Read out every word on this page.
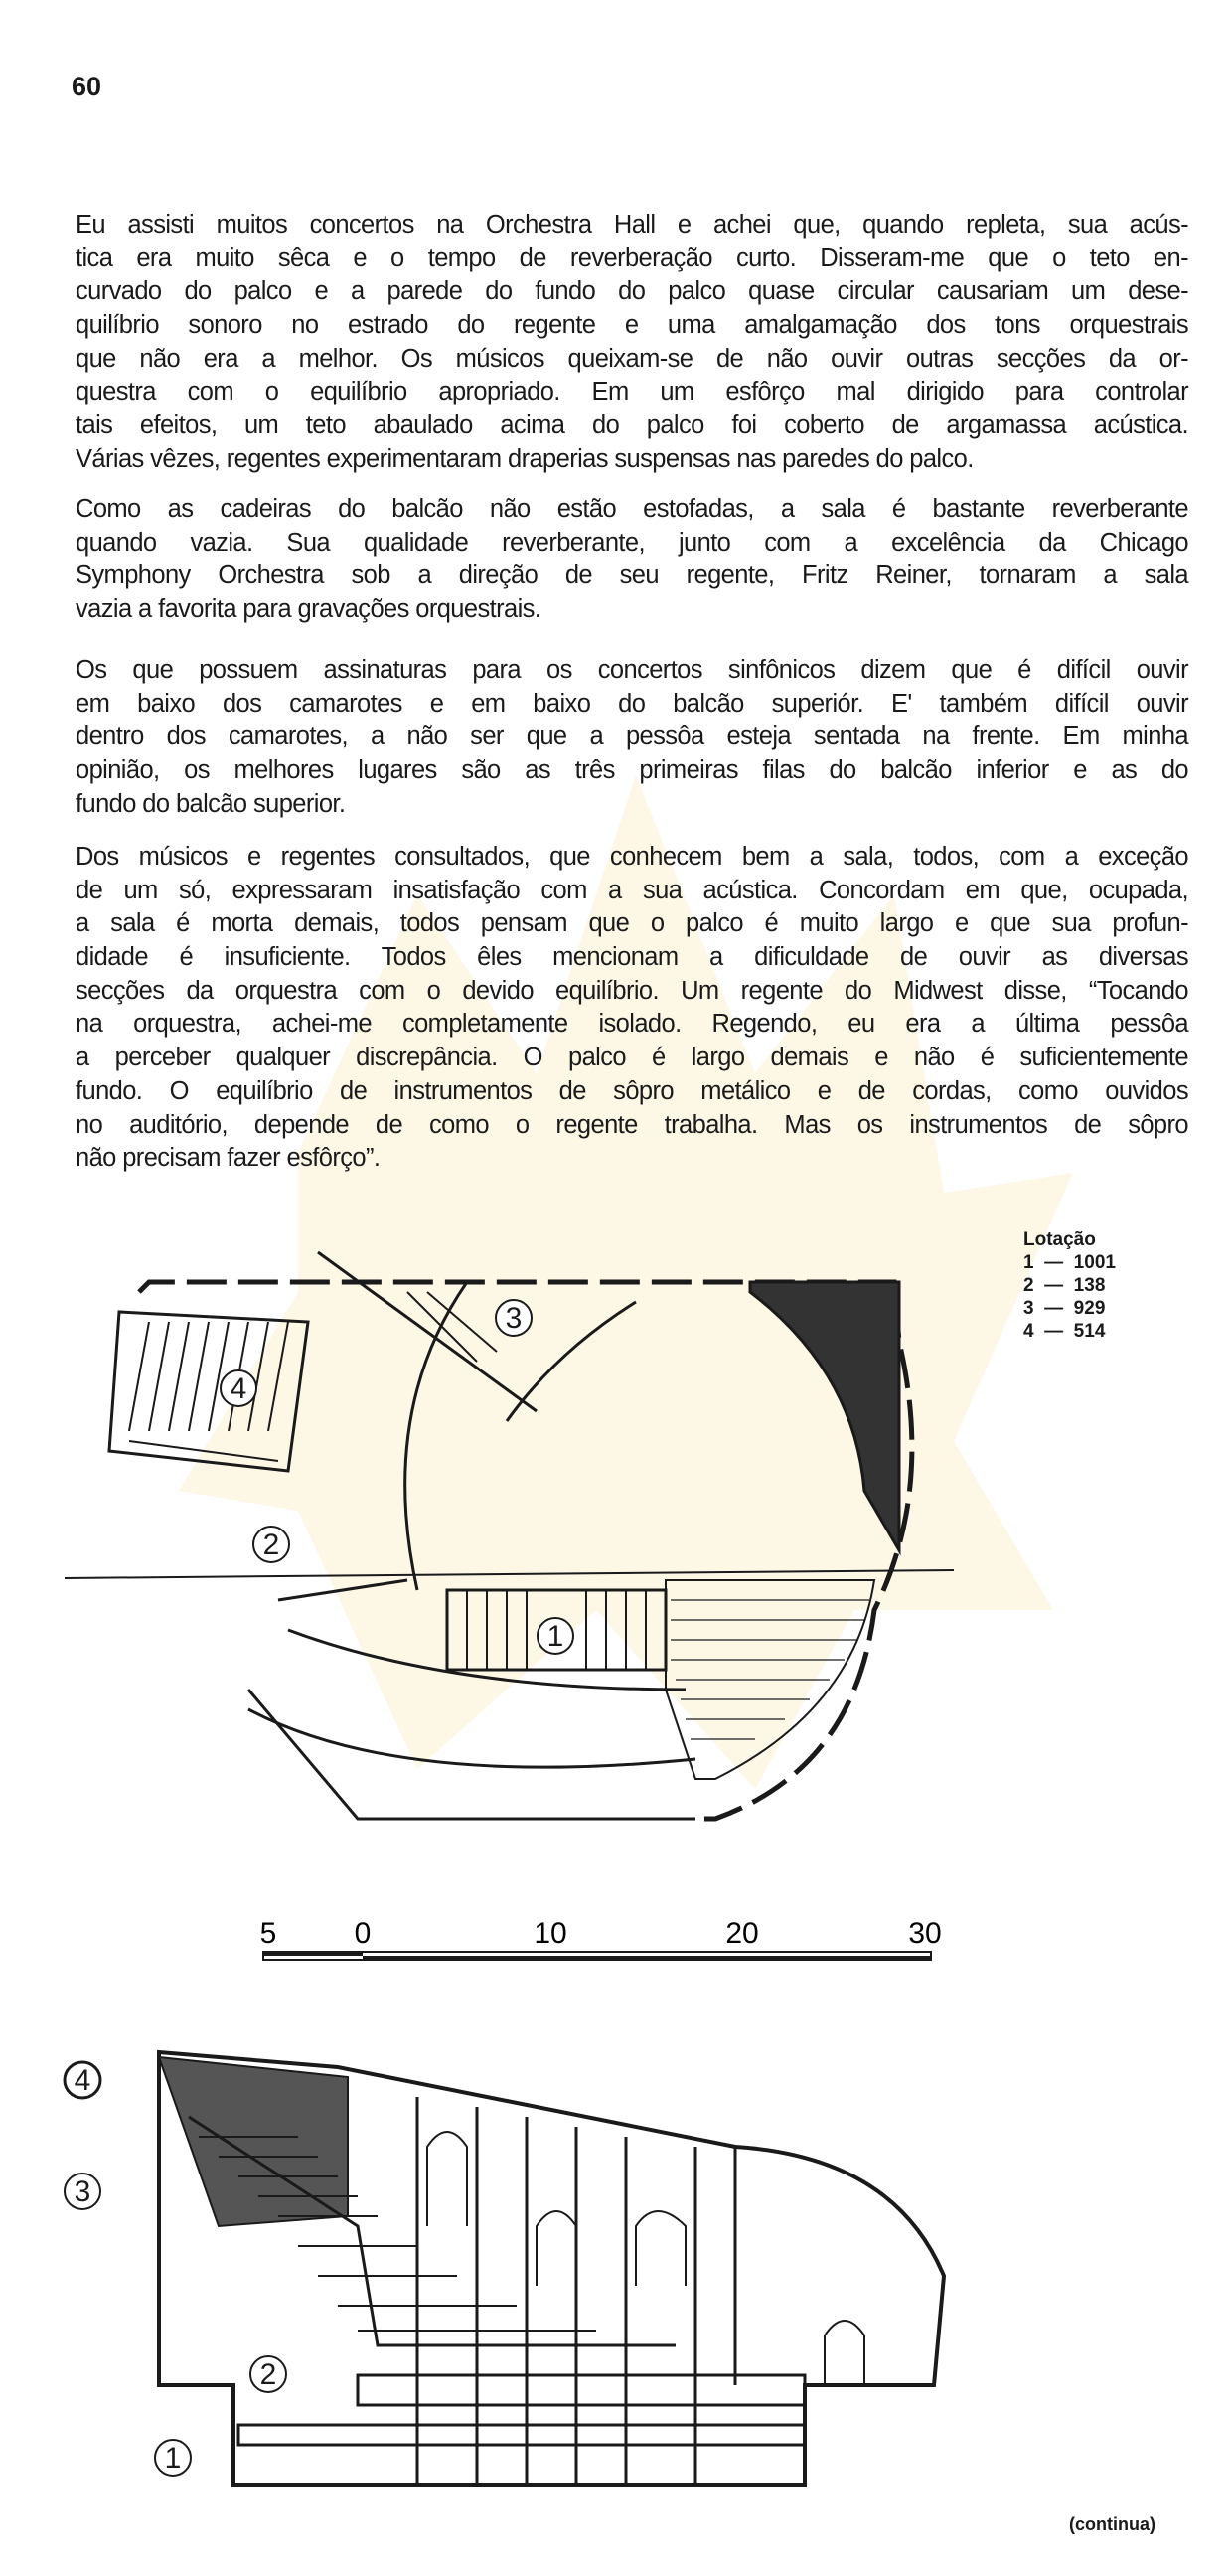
1
2
3
4
5	0	10	20	30
1
2
3
4
60
Eu assisti muitos concertos na Orchestra Hall e achei que, quando repleta, sua acús-
tica era muito sêca e o tempo de reverberação curto. Disseram-me que o teto en-
curvado do palco e a parede do fundo do palco quase circular causariam um dese-
quilíbrio sonoro no estrado do regente e uma amalgamação dos tons orquestrais
que não era a melhor. Os músicos queixam-se de não ouvir outras secções da or-
questra com o equilíbrio apropriado. Em um esfôrço mal dirigido para controlar
tais efeitos, um teto abaulado acima do palco foi coberto de argamassa acústica.
Várias vêzes, regentes experimentaram draperias suspensas nas paredes do palco.
Como as cadeiras do balcão não estão estofadas, a sala é bastante reverberante
quando vazia. Sua qualidade reverberante, junto com a excelência da Chicago
Symphony Orchestra sob a direção de seu regente, Fritz Reiner, tornaram a sala
vazia a favorita para gravações orquestrais.
Os que possuem assinaturas para os concertos sinfônicos dizem que é difícil ouvir
em baixo dos camarotes e em baixo do balcão superiór. E' também difícil ouvir
dentro dos camarotes, a não ser que a pessôa esteja sentada na frente. Em minha
opinião, os melhores lugares são as três primeiras filas do balcão inferior e as do
fundo do balcão superior.
Dos músicos e regentes consultados, que conhecem bem a sala, todos, com a exceção
de um só, expressaram insatisfação com a sua acústica. Concordam em que, ocupada,
a sala é morta demais, todos pensam que o palco é muito largo e que sua profun-
didade é insuficiente. Todos êles mencionam a dificuldade de ouvir as diversas
secções da orquestra com o devido equilíbrio. Um regente do Midwest disse, “Tocando
na orquestra, achei-me completamente isolado. Regendo, eu era a última pessôa
a perceber qualquer discrepância. O palco é largo demais e não é suficientemente
fundo. O equilíbrio de instrumentos de sôpro metálico e de cordas, como ouvidos
no auditório, depende de como o regente trabalha. Mas os instrumentos de sôpro
não precisam fazer esfôrço”.
Lotação
1  —  1001
2  —  138
3  —  929
4  —  514
(continua)
